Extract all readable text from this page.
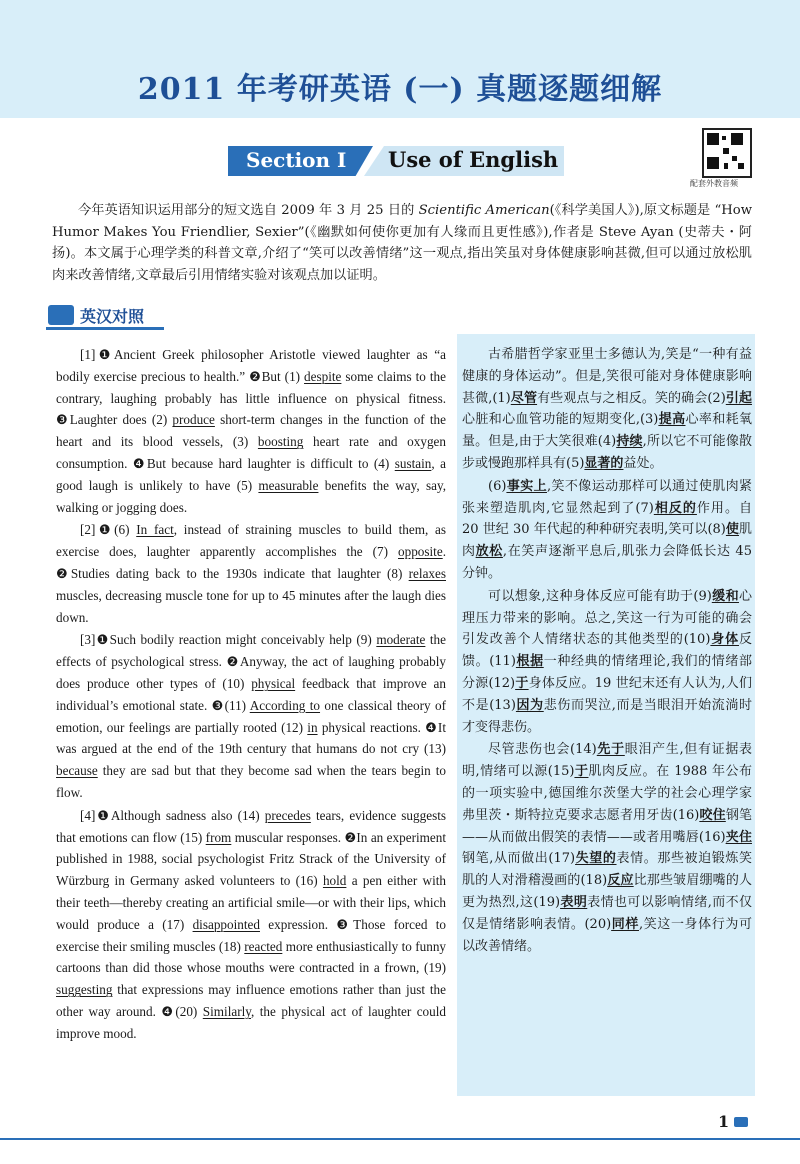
2011 年考研英语 (一) 真题逐题细解
Section Ⅰ Use of English
配套外教音频
今年英语知识运用部分的短文选自 2009 年 3 月 25 日的 Scientific American(《科学美国人》),原文标题是 “How Humor Makes You Friendlier, Sexier”(《幽默如何使你更加有人缘而且更性感》),作者是 Steve Ayan (史蒂夫・阿扬)。本文属于心理学类的科普文章,介绍了“笑可以改善情绪”这一观点,指出笑虽对身体健康影响甚微,但可以通过放松肌肉来改善情绪,文章最后引用情绪实验对该观点加以证明。
英汉对照

[1]❶Ancient Greek philosopher Aristotle viewed laughter as “a bodily exercise precious to health.” ❷But (1) despite some claims to the contrary, laughing probably has little influence on physical fitness. ❸Laughter does (2) produce short-term changes in the function of the heart and its blood vessels, (3) boosting heart rate and oxygen consumption. ❹But because hard laughter is difficult to (4) sustain, a good laugh is unlikely to have (5) measurable benefits the way, say, walking or jogging does.

[2]❶(6) In fact, instead of straining muscles to build them, as exercise does, laughter apparently accomplishes the (7) opposite. ❷Studies dating back to the 1930s indicate that laughter (8) relaxes muscles, decreasing muscle tone for up to 45 minutes after the laugh dies down.

[3]❶Such bodily reaction might conceivably help (9) moderate the effects of psychological stress. ❷Anyway, the act of laughing probably does produce other types of (10) physical feedback that improve an individual’s emotional state. ❸(11) According to one classical theory of emotion, our feelings are partially rooted (12) in physical reactions. ❹It was argued at the end of the 19th century that humans do not cry (13) because they are sad but that they become sad when the tears begin to flow.

[4]❶Although sadness also (14) precedes tears, evidence suggests that emotions can flow (15) from muscular responses. ❷In an experiment published in 1988, social psychologist Fritz Strack of the University of Würzburg in Germany asked volunteers to (16) hold a pen either with their teeth—thereby creating an artificial smile—or with their lips, which would produce a (17) disappointed expression. ❸Those forced to exercise their smiling muscles (18) reacted more enthusiastically to funny cartoons than did those whose mouths were contracted in a frown, (19) suggesting that expressions may influence emotions rather than just the other way around. ❹(20) Similarly, the physical act of laughter could improve mood.

古希腊哲学家亚里士多德认为,笑是“一种有益健康的身体运动”。但是,笑很可能对身体健康影响甚微,(1)尽管有些观点与之相反。笑的确会(2)引起心脏和心血管功能的短期变化,(3)提高心率和耗氧量。但是,由于大笑很难(4)持续,所以它不可能像散步或慢跑那样具有(5)显著的益处。

(6)事实上,笑不像运动那样可以通过使肌肉紧张来塑造肌肉,它显然起到了(7)相反的作用。自 20 世纪 30 年代起的种种研究表明,笑可以(8)使肌肉放松,在笑声逐渐平息后,肌张力会降低长达 45 分钟。

可以想象,这种身体反应可能有助于(9)缓和心理压力带来的影响。总之,笑这一行为可能的确会引发改善个人情绪状态的其他类型的(10)身体反馈。(11)根据一种经典的情绪理论,我们的情绪部分源(12)于身体反应。19 世纪末还有人认为,人们不是(13)因为悲伤而哭泣,而是当眼泪开始流淌时才变得悲伤。

尽管悲伤也会(14)先于眼泪产生,但有证据表明,情绪可以源(15)于肌肉反应。在 1988 年公布的一项实验中,德国维尔茨堡大学的社会心理学家弗里茨・斯特拉克要求志愿者用牙齿(16)咬住钢笔——从而做出假笑的表情——或者用嘴唇(16)夹住钢笔,从而做出(17)失望的表情。那些被迫锻炼笑肌的人对滑稽漫画的(18)反应比那些皱眉绷嘴的人更为热烈,这(19)表明表情也可以影响情绪,而不仅仅是情绪影响表情。(20)同样,笑这一身体行为可以改善情绪。

1
